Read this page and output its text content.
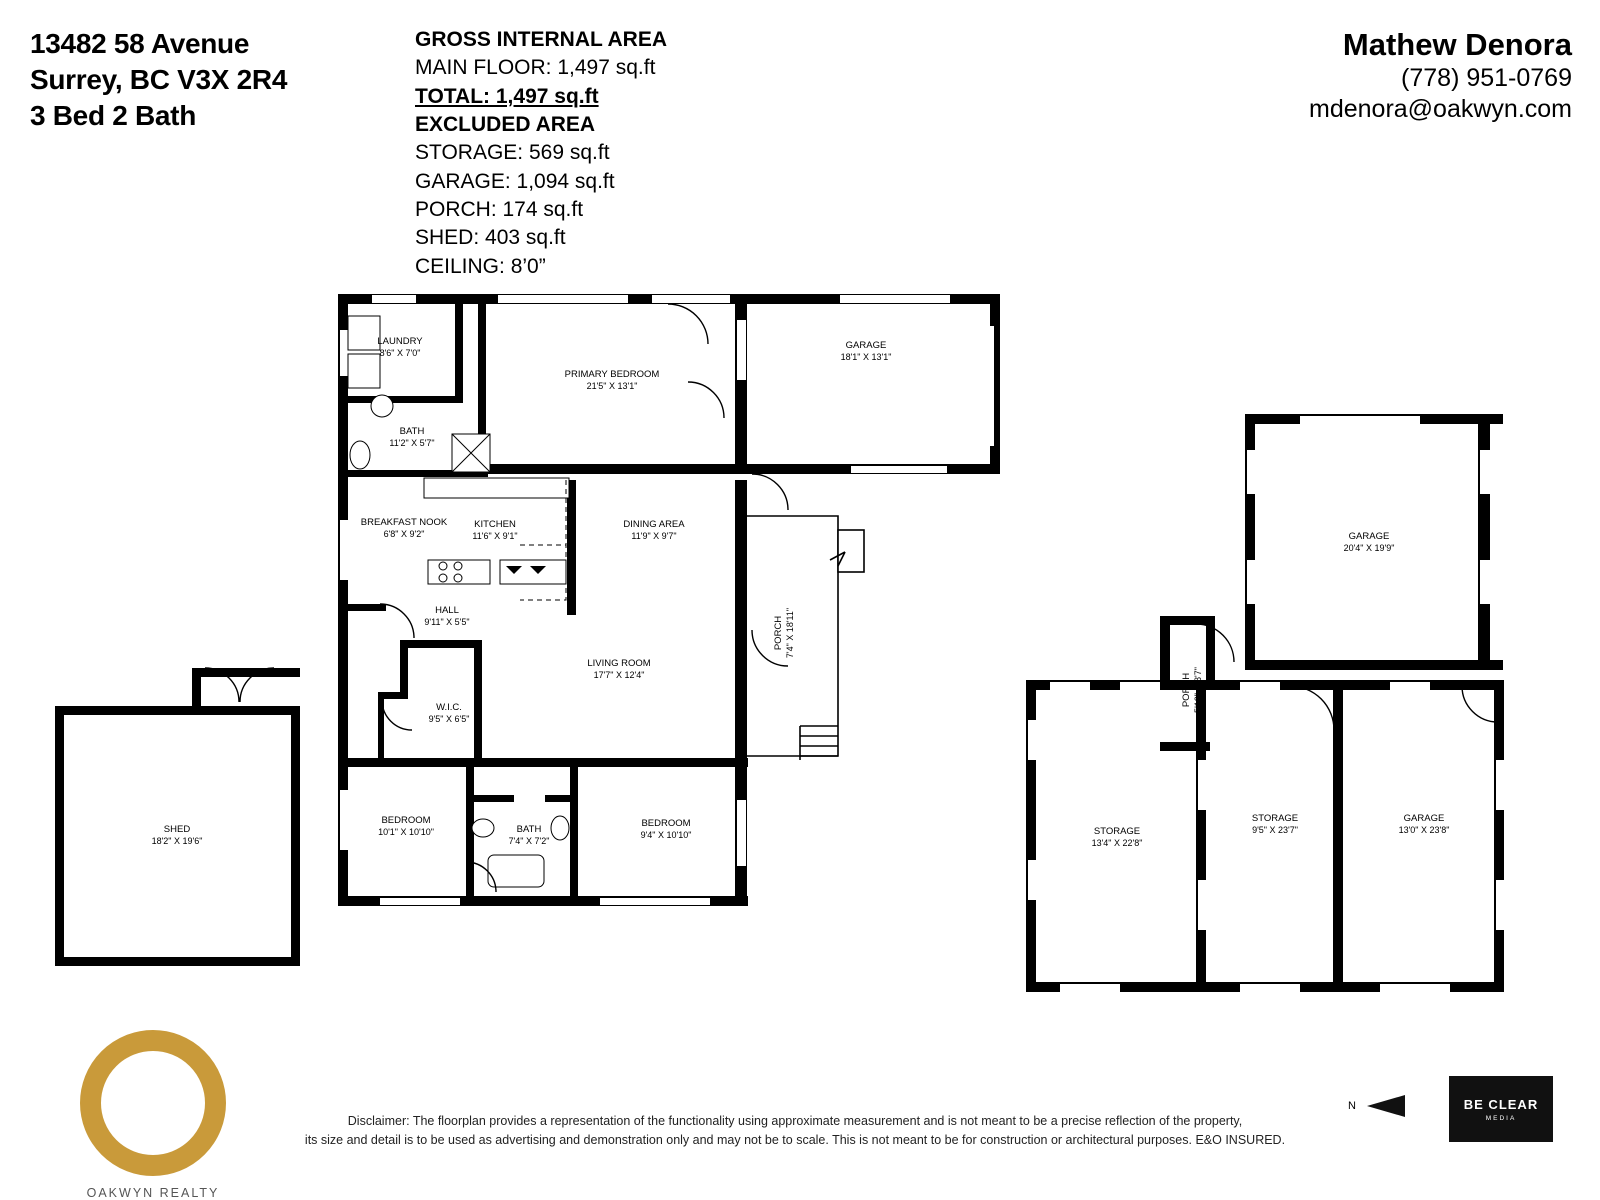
13482 58 Avenue
Surrey, BC V3X 2R4
3 Bed 2 Bath
GROSS INTERNAL AREA
MAIN FLOOR: 1,497 sq.ft
TOTAL: 1,497 sq.ft
EXCLUDED AREA
STORAGE: 569 sq.ft
GARAGE: 1,094 sq.ft
PORCH: 174 sq.ft
SHED: 403 sq.ft
CEILING: 8’0”
Mathew Denora
(778) 951-0769
mdenora@oakwyn.com
LAUNDRY
8'6" X 7'0"
PRIMARY BEDROOM
21'5" X 13'1"
GARAGE
18'1" X 13'1"
BATH
11'2" X 5'7"
BREAKFAST NOOK
6'8" X 9'2"
KITCHEN
11'6" X 9'1"
DINING AREA
11'9" X 9'7"
HALL
9'11" X 5'5"
LIVING ROOM
17'7" X 12'4"
W.I.C.
9'5" X 6'5"
BEDROOM
10'1" X 10'10"	BATH
7'4" X 7'2"
BEDROOM
9'4" X 10'10"
SHED
18'2" X 19'6"
GARAGE
20'4" X 19'9"
STORAGE
13'4" X 22'8"
STORAGE
9'5" X 23'7"
GARAGE
13'0" X 23'8"
PORCH 7'4" X 18'11"
PORCH 5'10" X 8'7"
Disclaimer: The floorplan provides a representation of the functionality using approximate measurement and is not meant to be a precise reflection of the property,
its size and detail is to be used as advertising and demonstration only and may not be to scale. This is not meant to be for construction or architectural purposes. E&O INSURED.
OAKWYN REALTY
N	BE CLEAR
MEDIA
